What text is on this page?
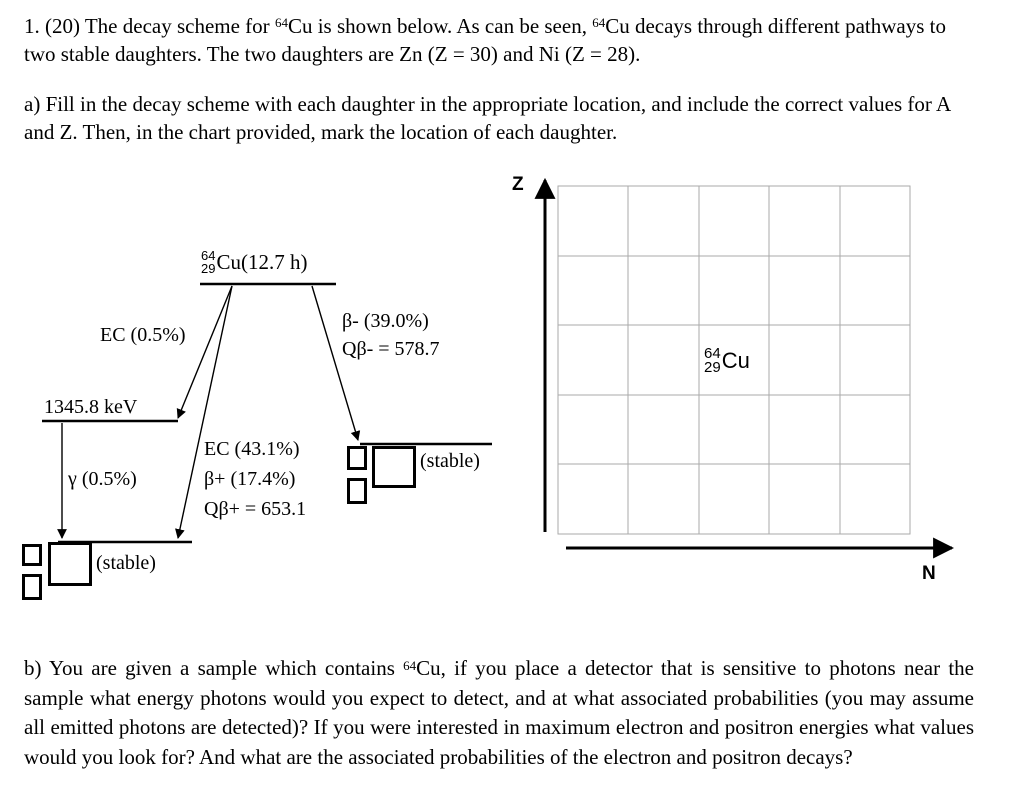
1. (20) The decay scheme for $^{64}$Cu is shown below. As can be seen, $^{64}$Cu decays through different pathways to two stable daughters. The two daughters are Zn (Z = 30) and Ni (Z = 28).
a) Fill in the decay scheme with each daughter in the appropriate location, and include the correct values for A and Z. Then, in the chart provided, mark the location of each daughter.
64
29 Cu (12.7 h)
EC (0.5%)
1345.8 keV
γ (0.5%)
(stable)
EC (43.1%)
β+ (17.4%)
Qβ+ = 653.1
β- (39.0%)
Qβ- = 578.7
(stable)
Z
N
64
29 Cu
b) You are given a sample which contains $^{64}$Cu, if you place a detector that is sensitive to photons near the sample what energy photons would you expect to detect, and at what associated probabilities (you may assume all emitted photons are detected)? If you were interested in maximum electron and positron energies what values would you look for? And what are the associated probabilities of the electron and positron decays?
